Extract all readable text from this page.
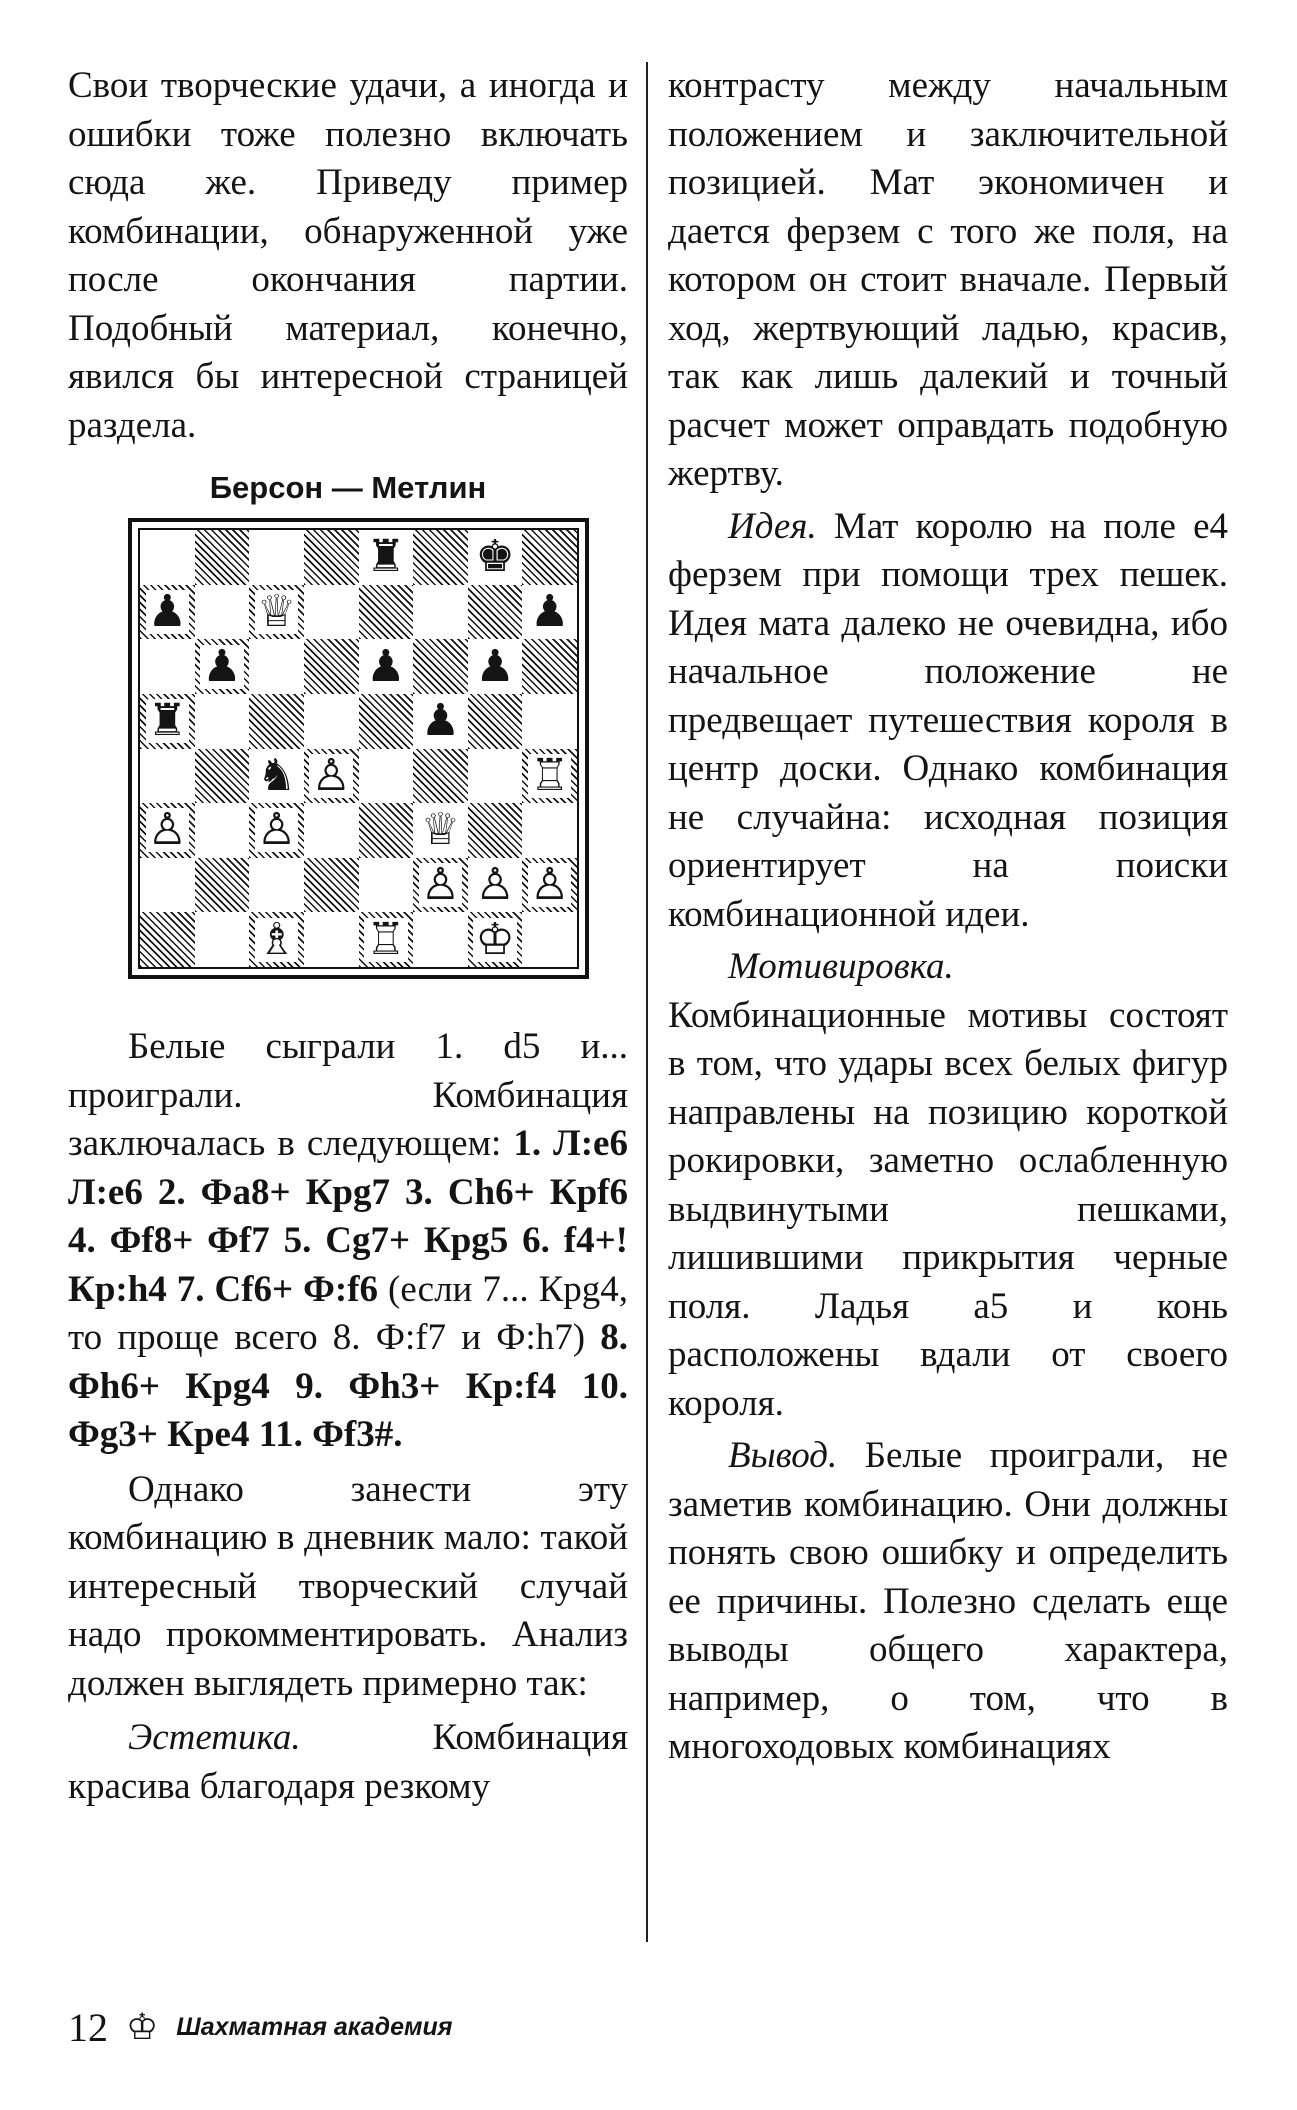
Свои творческие удачи, а иногда и ошибки тоже полезно включать сюда же. Приведу пример комбинации, обнаруженной уже после окончания партии. Подобный материал, конечно, явился бы интересной страницей раздела.

Берсон — Метлин
♜ ♚
♟ ♕	♟
♟	♟ ♟
♜	♟
♞ ♙	♖
♙ ♙	♕
♙ ♙ ♙
♗ ♖ ♔

Белые сыграли 1. d5 и... проиграли. Комбинация заключалась в следующем: 1. Л:е6 Л:е6 2. Фа8+ Крg7 3. Сh6+ Крf6 4. Фf8+ Фf7 5. Сg7+ Крg5 6. f4+! Кр:h4 7. Сf6+ Ф:f6 (если 7... Крg4, то проще всего 8. Ф:f7 и Ф:h7) 8. Фh6+ Крg4 9. Фh3+ Кр:f4 10. Фg3+ Кре4 11. Фf3#.

Однако занести эту комбинацию в дневник мало: такой интересный творческий случай надо прокомментировать. Анализ должен выглядеть примерно так:

Эстетика. Комбинация красива благодаря резкому

контрасту между начальным положением и заключительной позицией. Мат экономичен и дается ферзем с того же поля, на котором он стоит вначале. Первый ход, жертвующий ладью, красив, так как лишь далекий и точный расчет может оправдать подобную жертву.

Идея. Мат королю на поле е4 ферзем при помощи трех пешек. Идея мата далеко не очевидна, ибо начальное положение не предвещает путешествия короля в центр доски. Однако комбинация не случайна: исходная позиция ориентирует на поиски комбинационной идеи.

Мотивировка. Комбинационные мотивы состоят в том, что удары всех белых фигур направлены на позицию короткой рокировки, заметно ослабленную выдвинутыми пешками, лишившими прикрытия черные поля. Ладья а5 и конь расположены вдали от своего короля.

Вывод. Белые проиграли, не заметив комбинацию. Они должны понять свою ошибку и определить ее причины. Полезно сделать еще выводы общего характера, например, о том, что в многоходовых комбинациях

12 ♔ Шахматная академия
